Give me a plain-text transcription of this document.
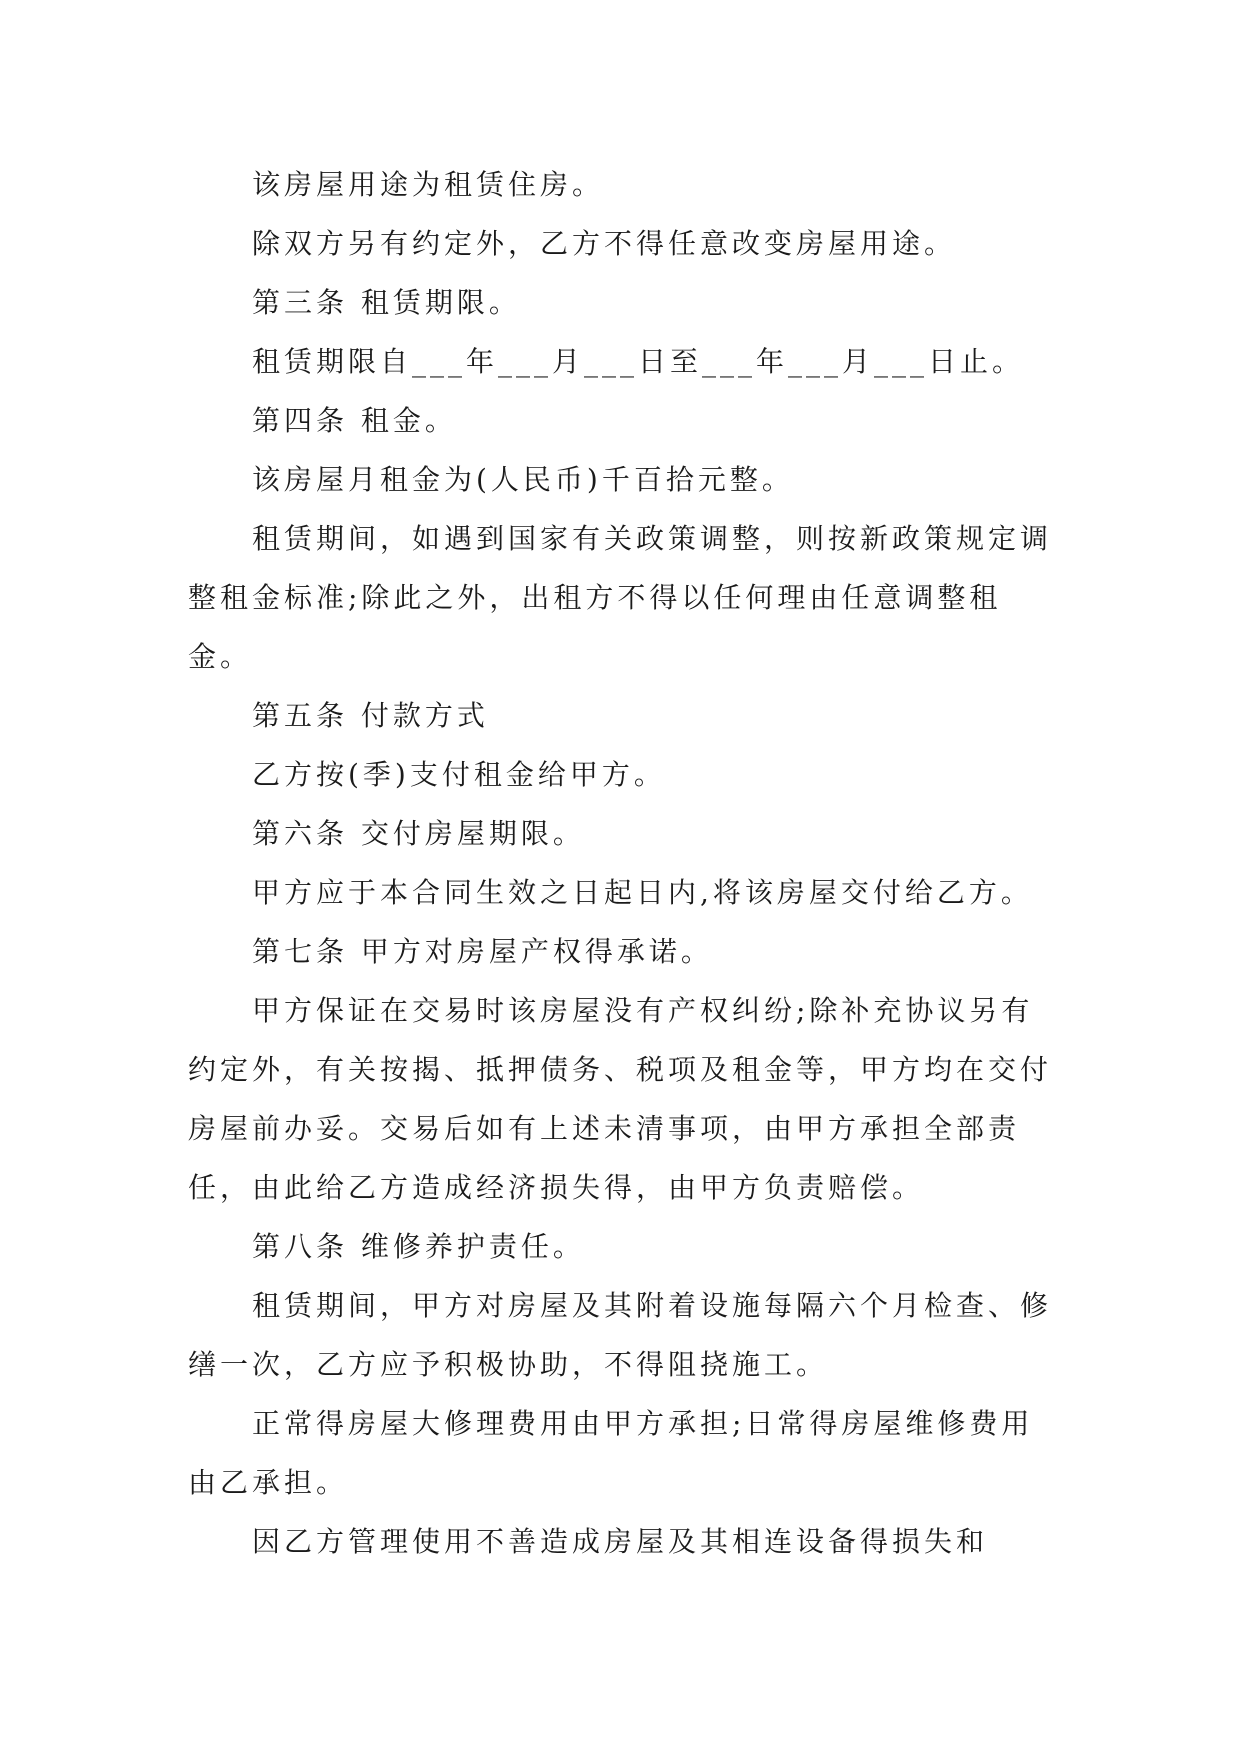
该房屋用途为租赁住房。

除双方另有约定外，乙方不得任意改变房屋用途。

第三条 租赁期限。

租赁期限自___年___月___日至___年___月___日止。

第四条 租金。

该房屋月租金为(人民币)千百拾元整。

租赁期间，如遇到国家有关政策调整，则按新政策规定调整租金标准;除此之外，出租方不得以任何理由任意调整租金。

第五条 付款方式

乙方按(季)支付租金给甲方。

第六条 交付房屋期限。

甲方应于本合同生效之日起日内,将该房屋交付给乙方。

第七条 甲方对房屋产权得承诺。

甲方保证在交易时该房屋没有产权纠纷;除补充协议另有约定外，有关按揭、抵押债务、税项及租金等，甲方均在交付房屋前办妥。交易后如有上述未清事项，由甲方承担全部责任，由此给乙方造成经济损失得，由甲方负责赔偿。

第八条 维修养护责任。

租赁期间，甲方对房屋及其附着设施每隔六个月检查、修缮一次，乙方应予积极协助，不得阻挠施工。

正常得房屋大修理费用由甲方承担;日常得房屋维修费用由乙承担。

因乙方管理使用不善造成房屋及其相连设备得损失和
